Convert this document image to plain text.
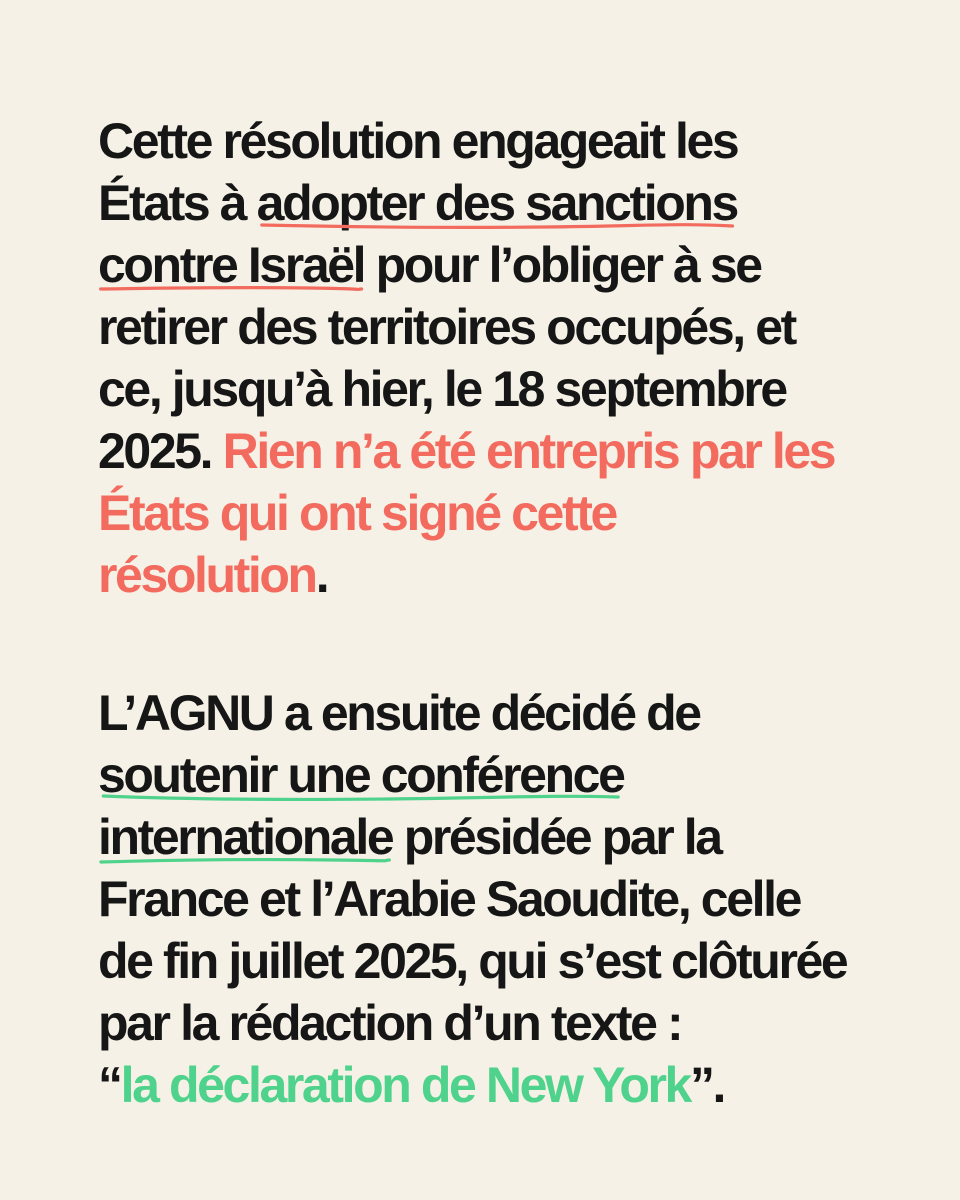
Cette résolution engageait les
États à adopter des sanctions
contre Israël
pour l’obliger à se
retirer des territoires occupés, et
ce, jusqu’à hier, le 18 septembre
2025. Rien n’a été entrepris par les
États qui ont signé cette
résolution.
L’AGNU a ensuite décidé de
soutenir une conférence
internationale
présidée par la
France et l’Arabie Saoudite, celle
de fin juillet 2025, qui s’est clôturée
par la rédaction d’un texte :
“la déclaration de New York”.
